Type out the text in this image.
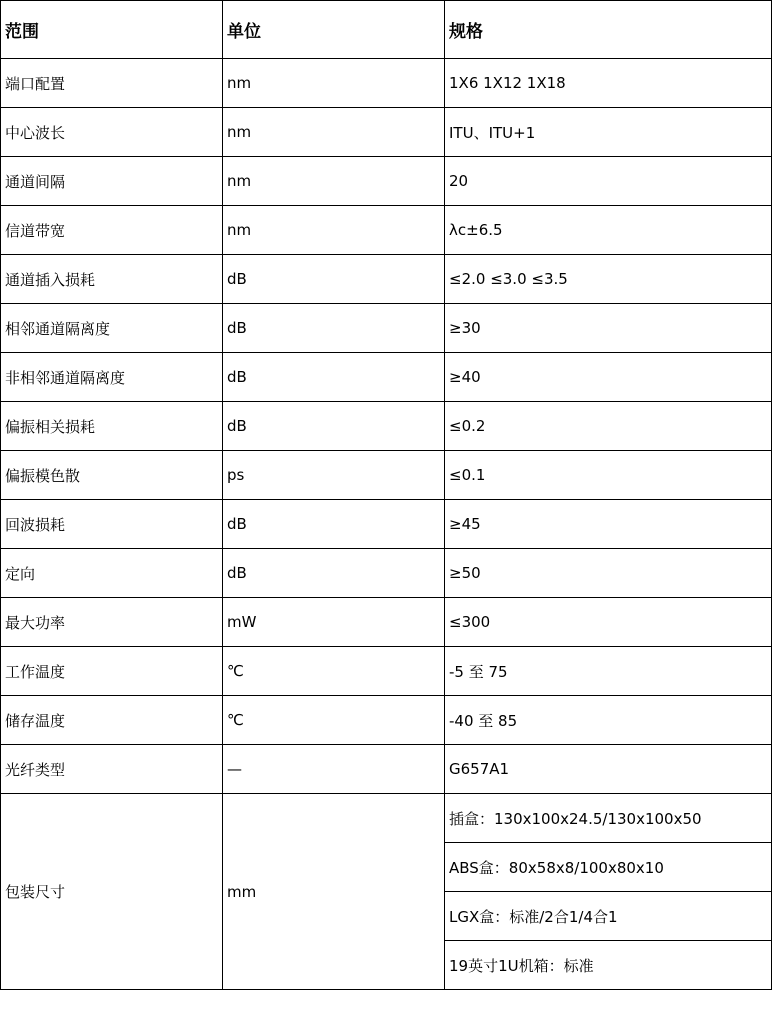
范围	单位	规格
端口配置	nm	1X6 1X12 1X18
中心波长	nm	ITU、ITU+1
通道间隔	nm	20
信道带宽	nm	λc±6.5
通道插入损耗	dB	≤2.0 ≤3.0 ≤3.5
相邻通道隔离度	dB	≥30
非相邻通道隔离度	dB	≥40
偏振相关损耗	dB	≤0.2
偏振模色散	ps	≤0.1
回波损耗	dB	≥45
定向	dB	≥50
最大功率	mW	≤300
工作温度	℃	-5 至 75
储存温度	℃	-40 至 85
光纤类型	—	G657A1
包装尺寸	mm	插盒：130x100x24.5/130x100x50
		ABS盒：80x58x8/100x80x10
		LGX盒：标准/2合1/4合1
		19英寸1U机箱：标准
